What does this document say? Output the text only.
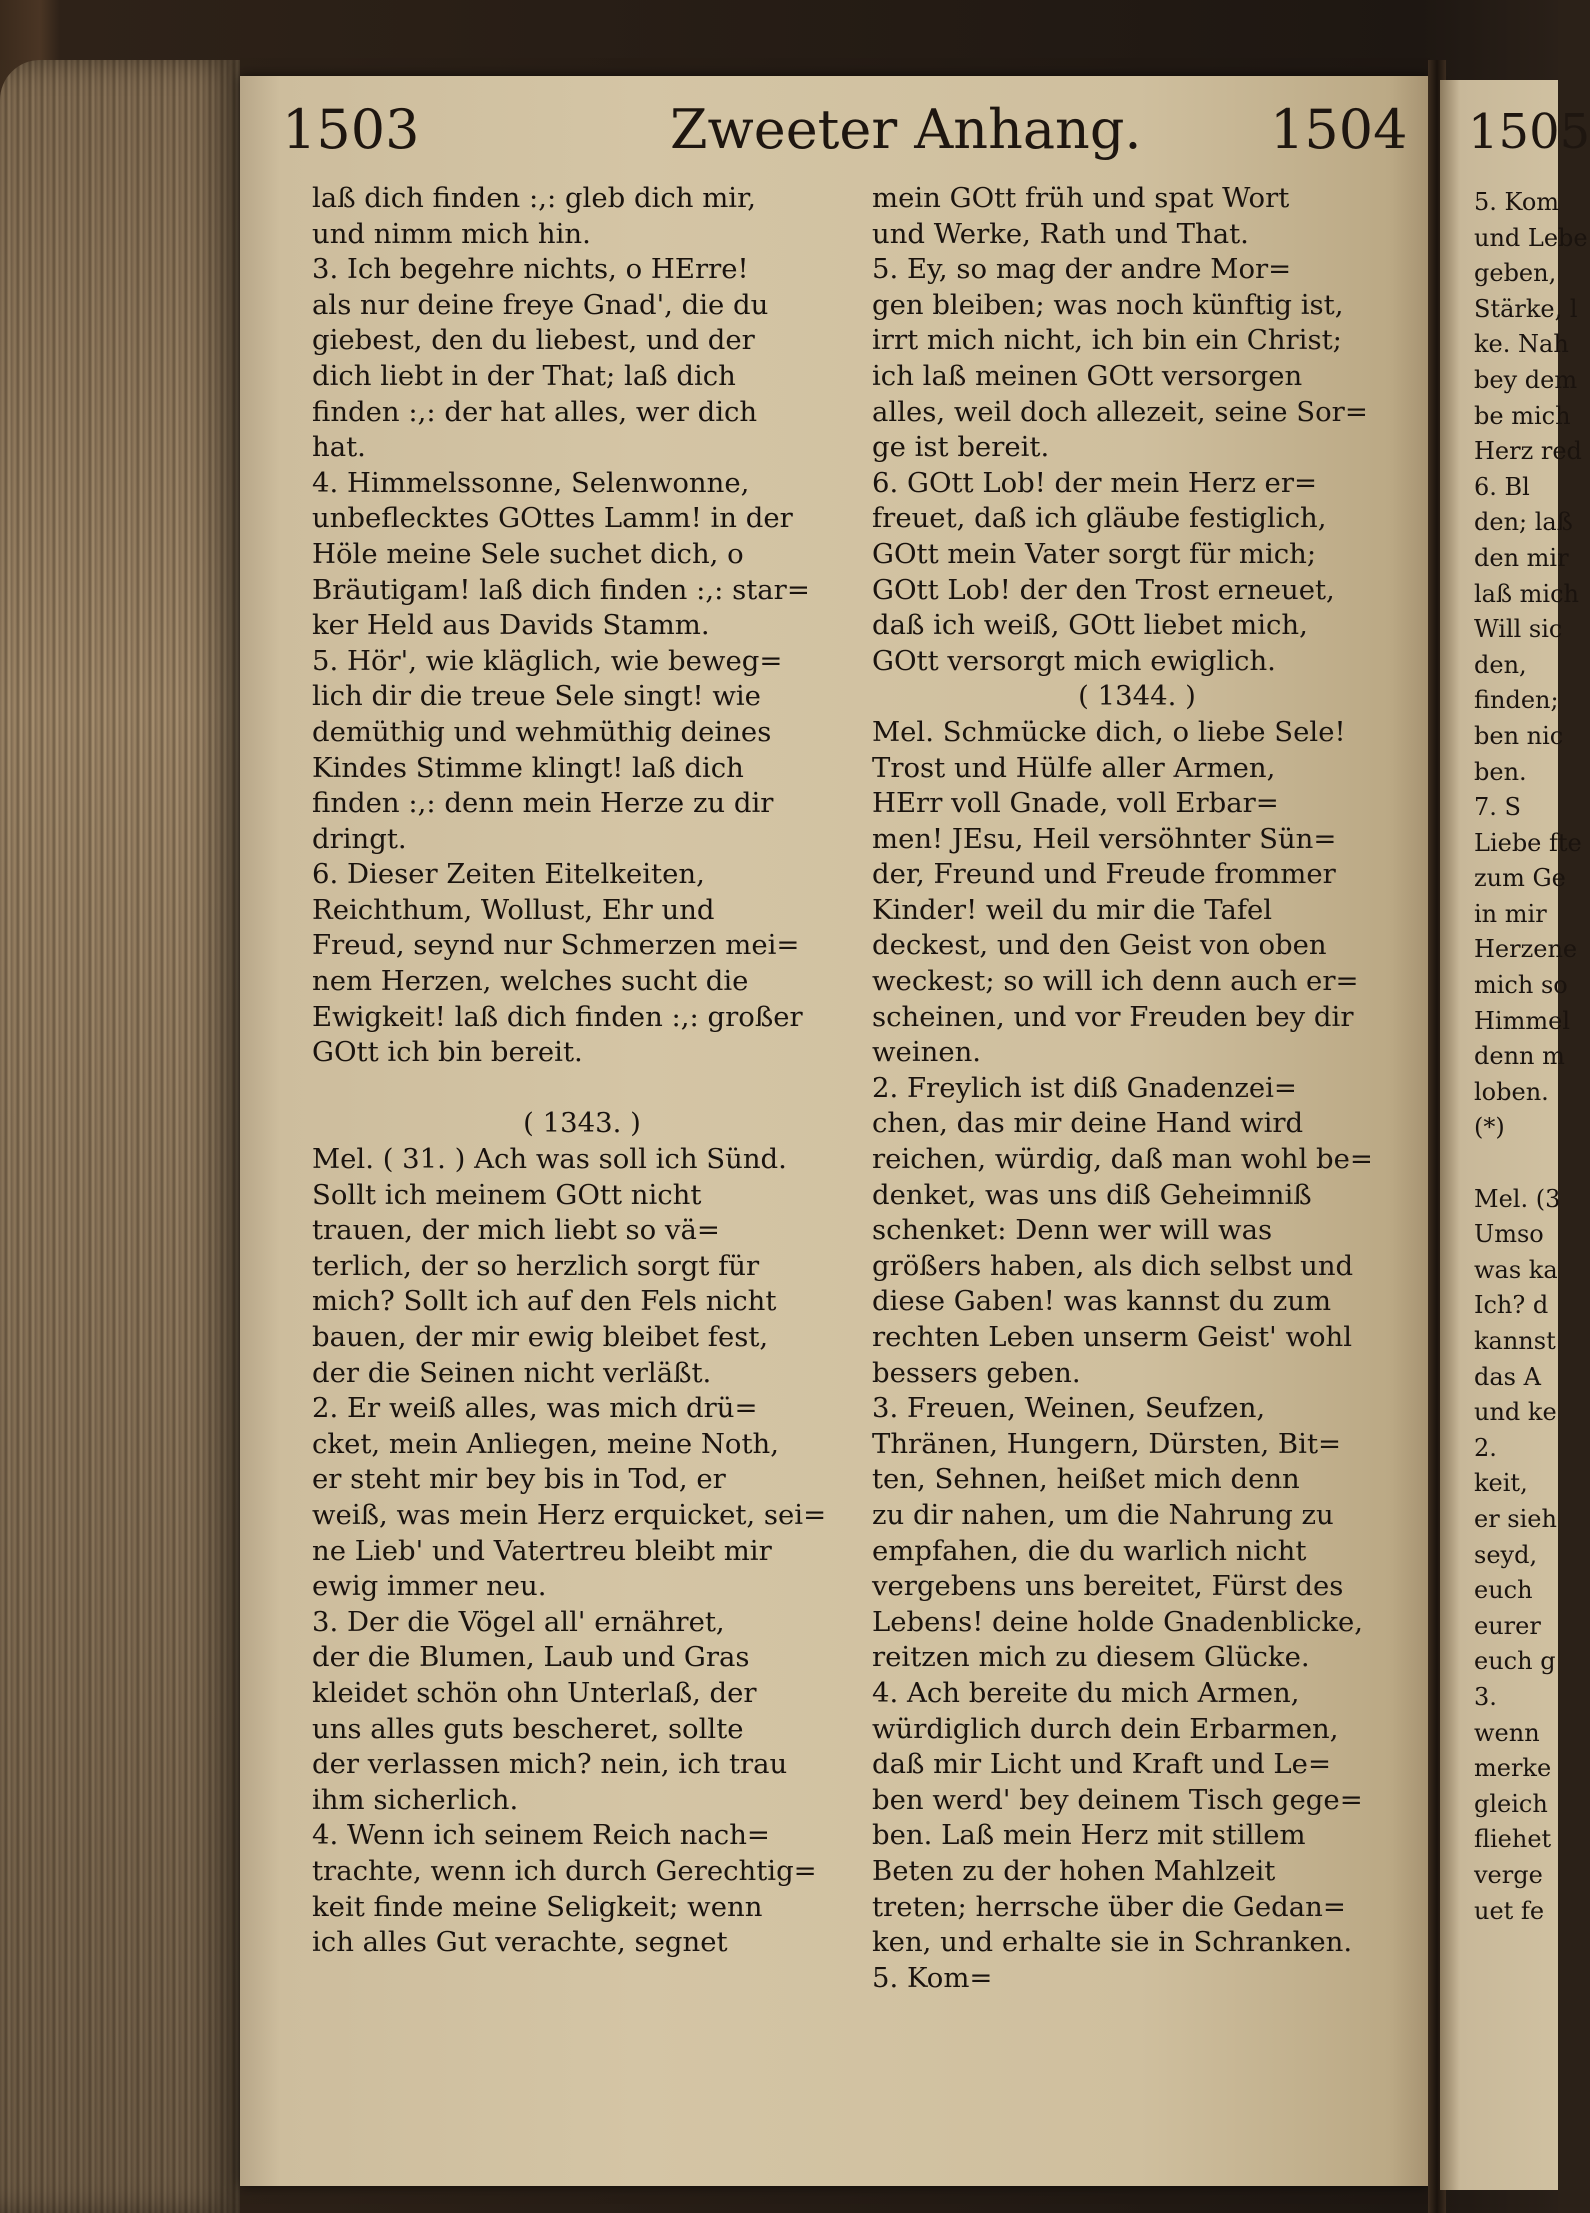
1503	Zweeter Anhang. 1504
laß dich finden :,: gleb dich mir,
und nimm mich hin.
3. Ich begehre nichts, o HErre!
als nur deine freye Gnad', die du
giebest, den du liebest, und der
dich liebt in der That; laß dich
finden :,: der hat alles, wer dich
hat.
4. Himmelssonne, Selenwonne,
unbeflecktes GOttes Lamm! in der
Höle meine Sele suchet dich, o
Bräutigam! laß dich finden :,: star=
ker Held aus Davids Stamm.
5. Hör', wie kläglich, wie beweg=
lich dir die treue Sele singt! wie
demüthig und wehmüthig deines
Kindes Stimme klingt! laß dich
finden :,: denn mein Herze zu dir
dringt.
6. Dieser Zeiten Eitelkeiten,
Reichthum, Wollust, Ehr und
Freud, seynd nur Schmerzen mei=
nem Herzen, welches sucht die
Ewigkeit! laß dich finden :,: großer
GOtt ich bin bereit.
( 1343. )
Mel. ( 31. ) Ach was soll ich Sünd.
Sollt ich meinem GOtt nicht
trauen, der mich liebt so vä=
terlich, der so herzlich sorgt für
mich? Sollt ich auf den Fels nicht
bauen, der mir ewig bleibet fest,
der die Seinen nicht verläßt.
2. Er weiß alles, was mich drü=
cket, mein Anliegen, meine Noth,
er steht mir bey bis in Tod, er
weiß, was mein Herz erquicket, sei=
ne Lieb' und Vatertreu bleibt mir
ewig immer neu.
3. Der die Vögel all' ernähret,
der die Blumen, Laub und Gras
kleidet schön ohn Unterlaß, der
uns alles guts bescheret, sollte
der verlassen mich? nein, ich trau
ihm sicherlich.
4. Wenn ich seinem Reich nach=
trachte, wenn ich durch Gerechtig=
keit finde meine Seligkeit; wenn
ich alles Gut verachte, segnet
mein GOtt früh und spat Wort
und Werke, Rath und That.
5. Ey, so mag der andre Mor=
gen bleiben; was noch künftig ist,
irrt mich nicht, ich bin ein Christ;
ich laß meinen GOtt versorgen
alles, weil doch allezeit, seine Sor=
ge ist bereit.
6. GOtt Lob! der mein Herz er=
freuet, daß ich gläube festiglich,
GOtt mein Vater sorgt für mich;
GOtt Lob! der den Trost erneuet,
daß ich weiß, GOtt liebet mich,
GOtt versorgt mich ewiglich.
( 1344. )
Mel. Schmücke dich, o liebe Sele!
Trost und Hülfe aller Armen,
HErr voll Gnade, voll Erbar=
men! JEsu, Heil versöhnter Sün=
der, Freund und Freude frommer
Kinder! weil du mir die Tafel
deckest, und den Geist von oben
weckest; so will ich denn auch er=
scheinen, und vor Freuden bey dir
weinen.
2. Freylich ist diß Gnadenzei=
chen, das mir deine Hand wird
reichen, würdig, daß man wohl be=
denket, was uns diß Geheimniß
schenket: Denn wer will was
größers haben, als dich selbst und
diese Gaben! was kannst du zum
rechten Leben unserm Geist' wohl
bessers geben.
3. Freuen, Weinen, Seufzen,
Thränen, Hungern, Dürsten, Bit=
ten, Sehnen, heißet mich denn
zu dir nahen, um die Nahrung zu
empfahen, die du warlich nicht
vergebens uns bereitet, Fürst des
Lebens! deine holde Gnadenblicke,
reitzen mich zu diesem Glücke.
4. Ach bereite du mich Armen,
würdiglich durch dein Erbarmen,
daß mir Licht und Kraft und Le=
ben werd' bey deinem Tisch gege=
ben. Laß mein Herz mit stillem
Beten zu der hohen Mahlzeit
treten; herrsche über die Gedan=
ken, und erhalte sie in Schranken.
5. Kom=
1505
5. Kom
und Lebe
geben,
Stärke, l
ke. Nah
bey dem
be mich
Herz red
6. Bl
den; laß
den mir
laß mich
Will sic
den,
finden;
ben nic
ben.
7. S
Liebe fte
zum Ge
in mir
Herzene
mich so
Himmel
denn m
loben.
(*)
Mel. (3
Umso
was ka
Ich? d
kannst
das A
und ke
2.
keit,
er sieh
seyd,
euch
eurer
euch g
3.
wenn
merke
gleich
fliehet
verge
uet fe
